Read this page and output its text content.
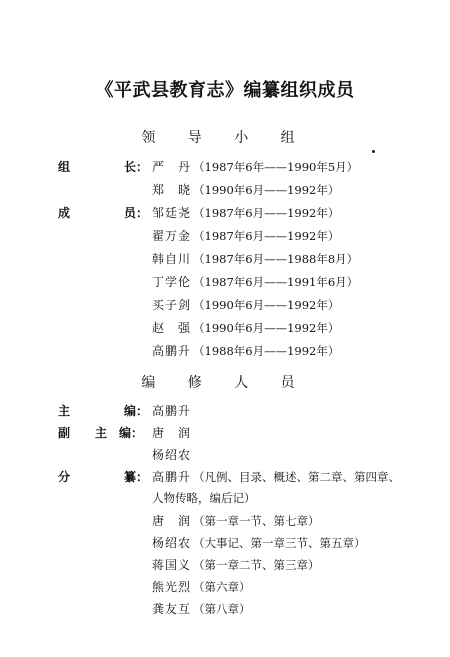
《平武县教育志》编纂组织成员
领 导 小 组
组	长： 严　丹 （1987年6年——1990年5月）
郑　晓 （1990年6月——1992年）
成	员： 邹廷尧 （1987年6月——1992年）
翟万金 （1987年6月——1992年）
韩自川 （1987年6月——1988年8月）
丁学伦 （1987年6月——1991年6月）
买子剑 （1990年6月——1992年）
赵　强 （1990年6月——1992年）
高鹏升 （1988年6月——1992年）
编 修 人 员
主	编： 高鹏升
副 主　编： 唐　润
杨绍农
分	纂： 高鹏升 （凡例、目录、概述、第二章、第四章、
人物传略，编后记）
唐　润 （第一章一节、第七章）
杨绍农 （大事记、第一章三节、第五章）
蒋国义 （第一章二节、第三章）
熊光烈 （第六章）
龚友互 （第八章）
